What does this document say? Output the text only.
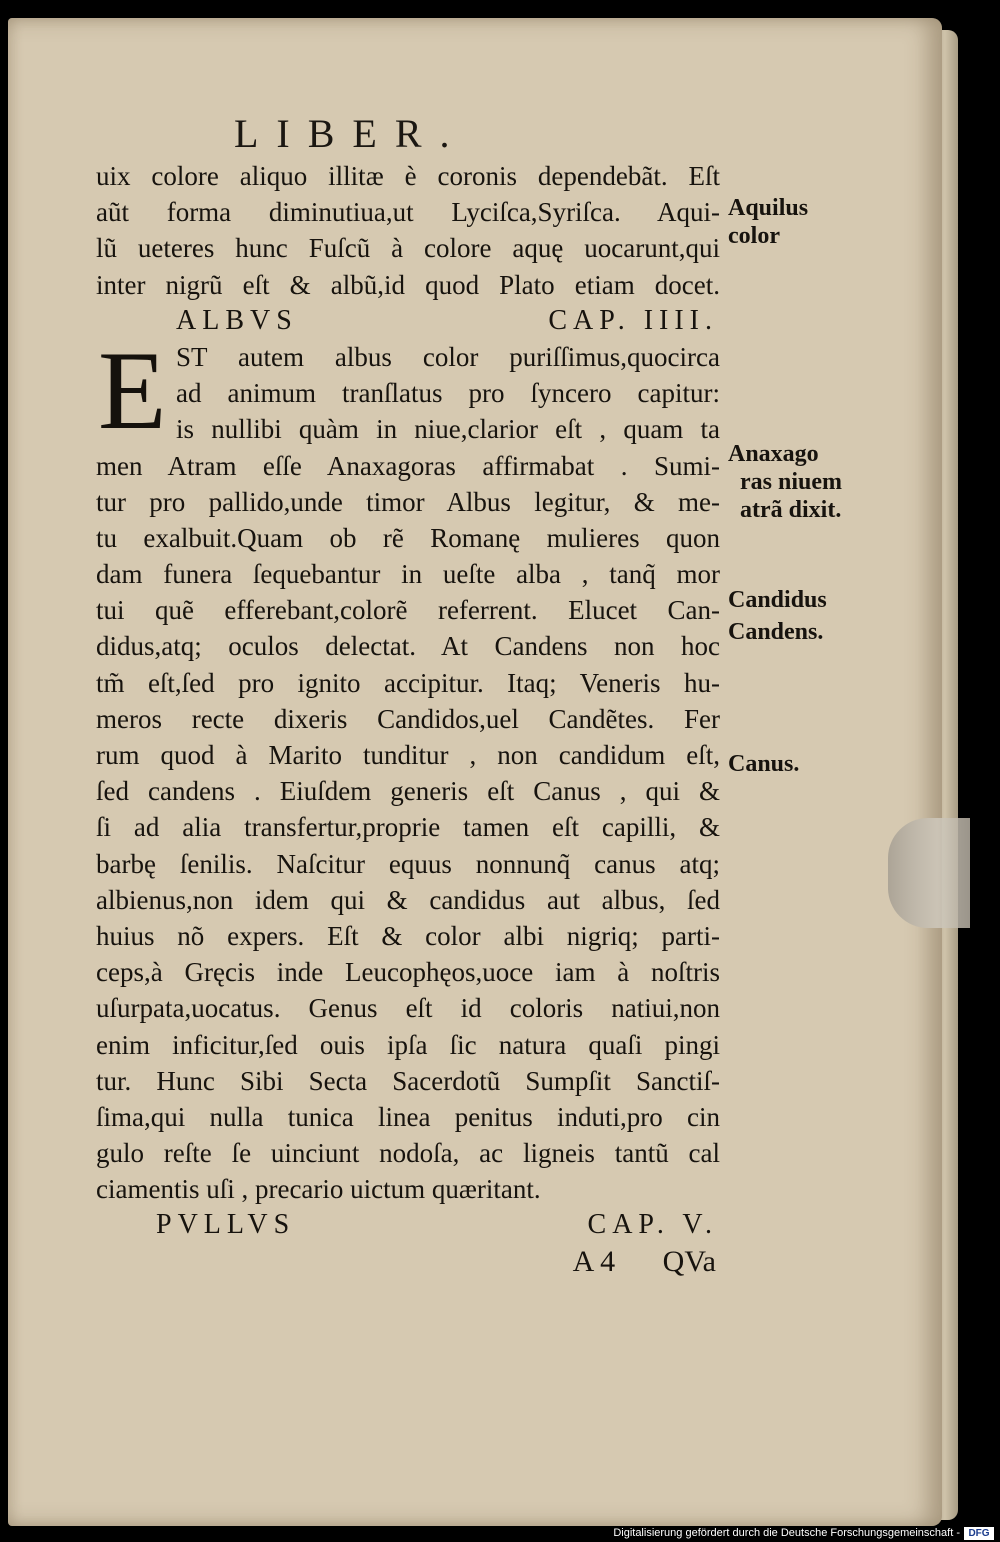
LIBER.
uix colore aliquo illitæ è coronis dependebãt. Eſt
aũt forma diminutiua,ut Lyciſca,Syriſca. Aqui-
lũ ueteres hunc Fuſcũ à colore aquę uocarunt,qui
inter nigrũ eſt & albũ,id quod Plato etiam docet.
ALBVS	CAP. IIII.
E ST autem albus color puriſſimus,quocirca
ad animum tranſlatus pro ſyncero capitur:
is nullibi quàm in niue,clarior eſt , quam ta
men Atram eſſe Anaxagoras affirmabat . Sumi-
tur pro pallido,unde timor Albus legitur, & me-
tu exalbuit.Quam ob rẽ Romanę mulieres quon
dam funera ſequebantur in ueſte alba , tanq̃ mor
tui quẽ efferebant,colorẽ referrent. Elucet Can-
didus,atq; oculos delectat. At Candens non hoc
tm̃ eſt,ſed pro ignito accipitur. Itaq; Veneris hu-
meros recte dixeris Candidos,uel Candẽtes. Fer
rum quod à Marito tunditur , non candidum eſt,
ſed candens . Eiuſdem generis eſt Canus , qui &
ſi ad alia transfertur,proprie tamen eſt capilli, &
barbę ſenilis. Naſcitur equus nonnunq̃ canus atq;
albienus,non idem qui & candidus aut albus, ſed
huius nõ expers. Eſt & color albi nigriq; parti-
ceps,à Gręcis inde Leucophęos,uoce iam à noſtris
uſurpata,uocatus. Genus eſt id coloris natiui,non
enim inficitur,ſed ouis ipſa ſic natura quaſi pingi
tur. Hunc Sibi Secta Sacerdotũ Sumpſit Sanctiſ-
ſima,qui nulla tunica linea penitus induti,pro cin
gulo reſte ſe uinciunt nodoſa, ac ligneis tantũ cal
ciamentis uſi , precario uictum quæritant.
PVLLVS	CAP. V.
A 4 QVa
Aquilus
color
Anaxago
ras niuem
atrã dixit.
Candidus
Candens.
Canus.
Digitalisierung gefördert durch die Deutsche Forschungsgemeinschaft - DFG
